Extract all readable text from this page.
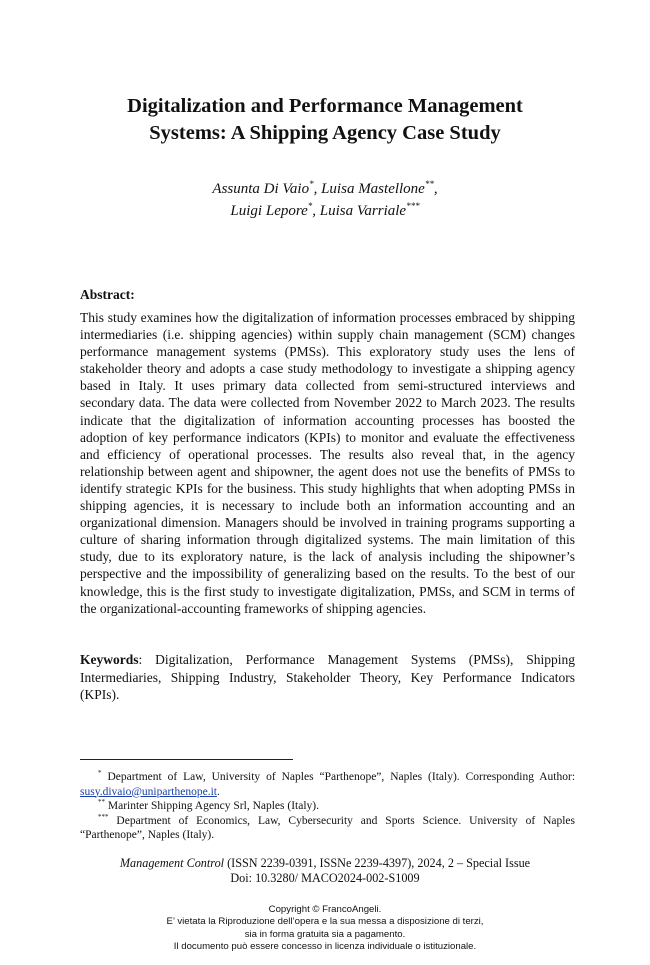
Digitalization and Performance Management
Systems: A Shipping Agency Case Study
Assunta Di Vaio*, Luisa Mastellone**,
Luigi Lepore*, Luisa Varriale***
Abstract:

This study examines how the digitalization of information processes embraced by shipping intermediaries (i.e. shipping agencies) within supply chain management (SCM) changes performance management systems (PMSs). This exploratory study uses the lens of stakeholder theory and adopts a case study methodology to investigate a shipping agency based in Italy. It uses primary data collected from semi-structured interviews and secondary data. The data were collected from November 2022 to March 2023. The results indicate that the digitalization of information accounting processes has boosted the adoption of key performance indicators (KPIs) to monitor and evaluate the effectiveness and efficiency of operational processes. The results also reveal that, in the agency relationship between agent and shipowner, the agent does not use the benefits of PMSs to identify strategic KPIs for the business. This study highlights that when adopting PMSs in shipping agencies, it is necessary to include both an information accounting and an organizational dimension. Managers should be involved in training programs supporting a culture of sharing information through digitalized systems. The main limitation of this study, due to its exploratory nature, is the lack of analysis including the shipowner’s perspective and the impossibility of generalizing based on the results. To the best of our knowledge, this is the first study to investigate digitalization, PMSs, and SCM in terms of the organizational-accounting frameworks of shipping agencies.

Keywords: Digitalization, Performance Management Systems (PMSs), Shipping Intermediaries, Shipping Industry, Stakeholder Theory, Key Performance Indicators (KPIs).

* Department of Law, University of Naples “Parthenope”, Naples (Italy). Corresponding Author: susy.divaio@uniparthenope.it.

** Marinter Shipping Agency Srl, Naples (Italy).

*** Department of Economics, Law, Cybersecurity and Sports Science. University of Naples “Parthenope”, Naples (Italy).

Management Control (ISSN 2239-0391, ISSNe 2239-4397), 2024, 2 – Special Issue
Doi: 10.3280/ MACO2024-002-S1009
Copyright © FrancoAngeli.
E’ vietata la Riproduzione dell’opera e la sua messa a disposizione di terzi,
sia in forma gratuita sia a pagamento.
Il documento può essere concesso in licenza individuale o istituzionale.
